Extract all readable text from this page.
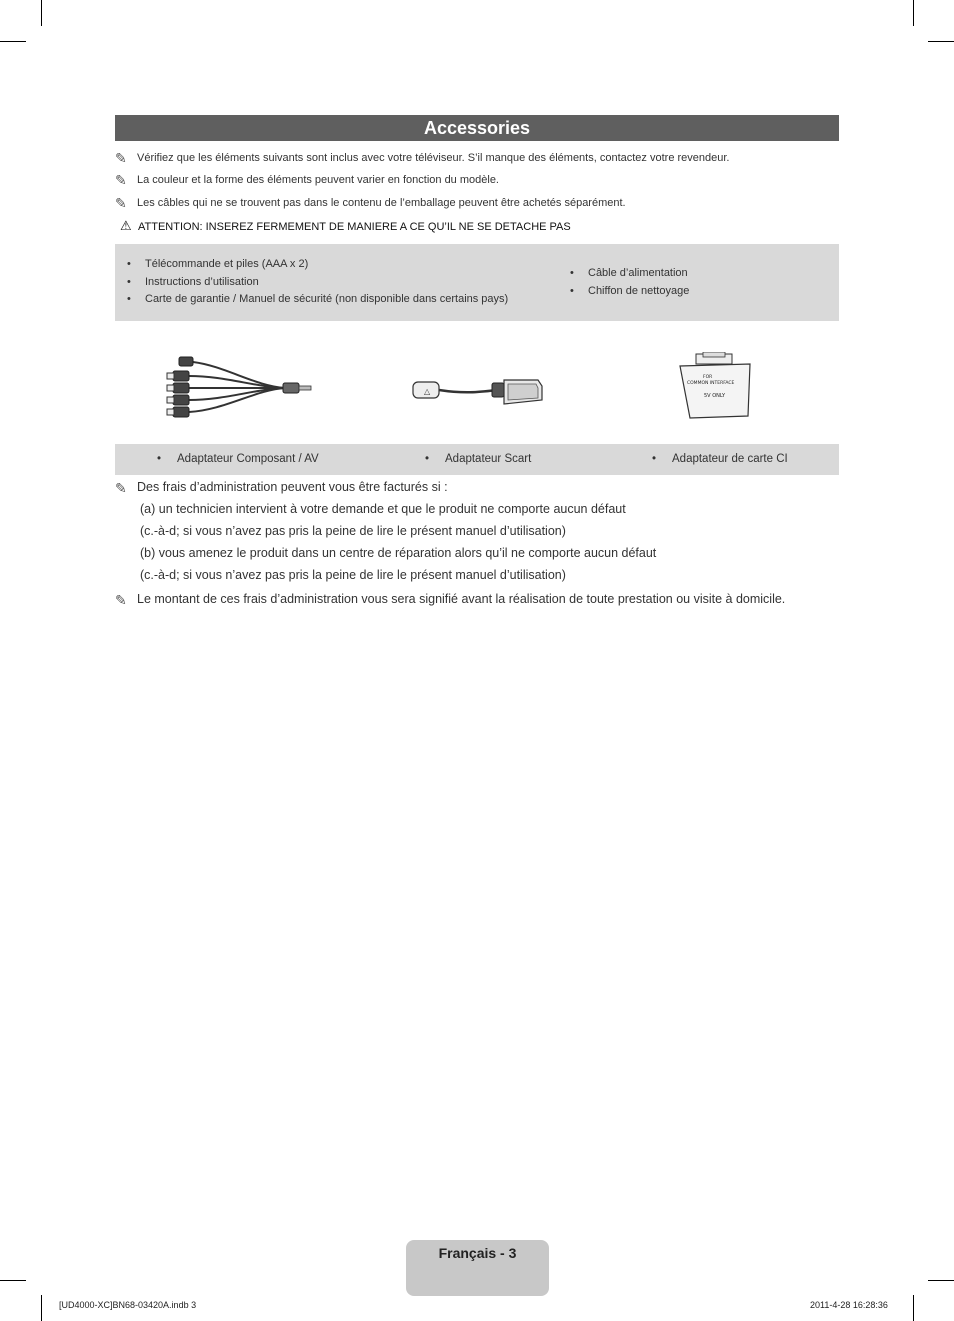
Accessories
✎ Vérifiez que les éléments suivants sont inclus avec votre téléviseur. S’il manque des éléments, contactez votre revendeur.
✎ La couleur et la forme des éléments peuvent varier en fonction du modèle.
✎ Les câbles qui ne se trouvent pas dans le contenu de l’emballage peuvent être achetés séparément.
⚠ ATTENTION: INSEREZ FERMEMENT DE MANIERE A CE QU’IL NE SE DETACHE PAS
• Télécommande et piles (AAA x 2)
• Instructions d’utilisation
• Carte de garantie / Manuel de sécurité (non disponible dans certains pays)
• Câble d’alimentation
• Chiffon de nettoyage
△
FOR
COMMON INTERFACE
5V ONLY
• Adaptateur Composant / AV	• Adaptateur Scart	• Adaptateur de carte CI
✎ Des frais d’administration peuvent vous être facturés si :
(a) un technicien intervient à votre demande et que le produit ne comporte aucun défaut
(c.-à-d; si vous n’avez pas pris la peine de lire le présent manuel d’utilisation)
(b) vous amenez le produit dans un centre de réparation alors qu’il ne comporte aucun défaut
(c.-à-d; si vous n’avez pas pris la peine de lire le présent manuel d’utilisation)
✎ Le montant de ces frais d’administration vous sera signifié avant la réalisation de toute prestation ou visite à domicile.
Français - 3
[UD4000-XC]BN68-03420A.indb 3	2011-4-28 16:28:36
